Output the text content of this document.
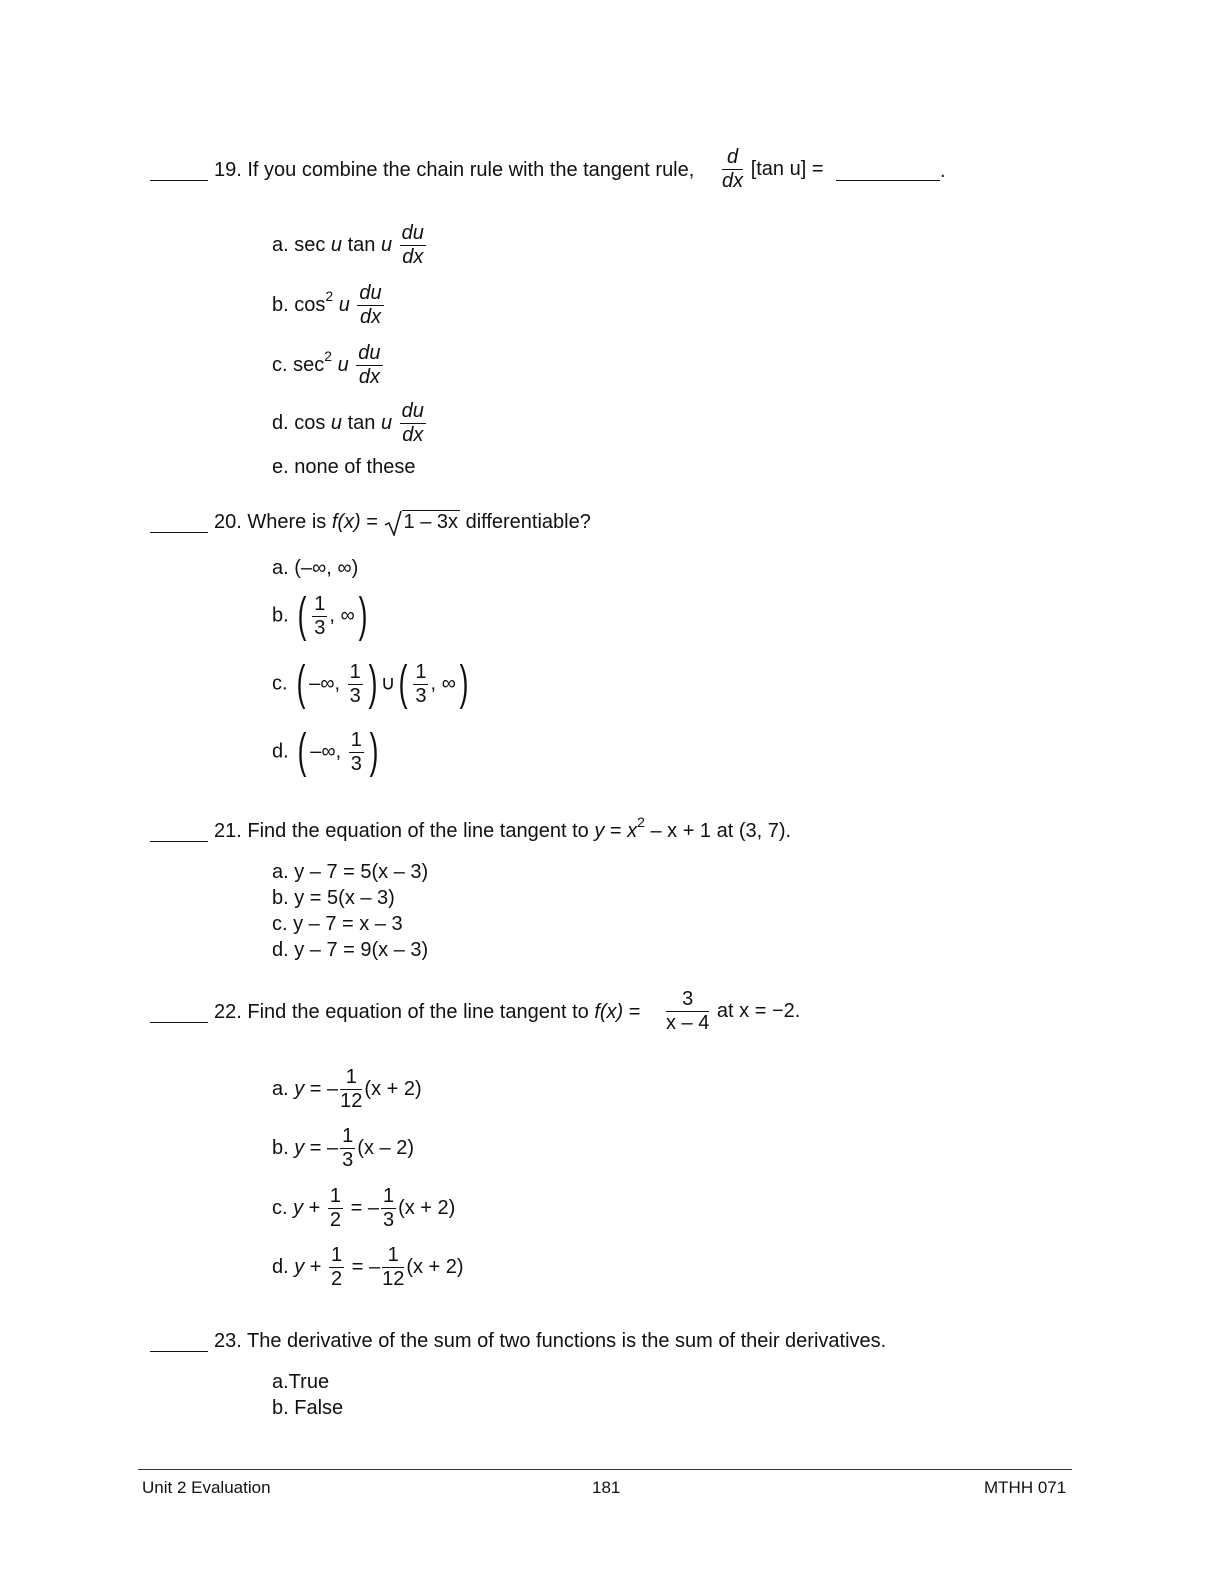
19. If you combine the chain rule with the tangent rule, $\frac{d}{dx} [\tan$ u] =	.
a. sec u tan u $\frac{du}{dx}$
b. $\cos^2 u \frac{du}{dx}$
c. $\sec^2 u \frac{du}{dx}$
d. cos u tan u $\frac{du}{dx}$
e. none of these
20. Where is f(x) =
1 – 3x differentiable?
a. (–∞, ∞)
b. ( $\frac{1}{3}$ , ∞)
c. ( –∞, $\frac{1}{3}$ ) ∪( $\frac{1}{3}$ , ∞)
d. ( –∞, $\frac{1}{3}$ )
21. Find the equation of the line tangent to $y = x^2 - x + 1$ at (3, 7).
a. y – 7 = 5(x – 3)
b. y = 5(x – 3)
c. y – 7 = x – 3
d. y – 7 = 9(x – 3)
22. Find the equation of the line tangent to $f(x) = \frac{3}{x - 4}$ at x = −2.
a. y = – $\frac{1}{12} (x + 2)$
b. y = – $\frac{1}{3} (x - 2)$
c. $y + \frac{1}{2}$ = – $\frac{1}{3} (x + 2)$
d. $y + \frac{1}{2}$ = – $\frac{1}{12} (x + 2)$
23. The derivative of the sum of two functions is the sum of their derivatives.
a.True
b. False
Unit 2 Evaluation	181	MTHH 071
